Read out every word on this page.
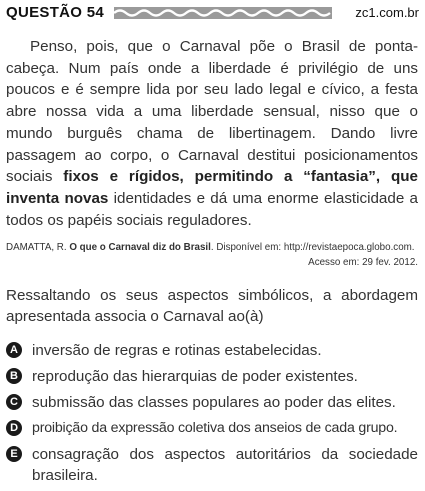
QUESTÃO 54	zc1.com.br
Penso, pois, que o Carnaval põe o Brasil de ponta-cabeça. Num país onde a liberdade é privilégio de uns poucos e é sempre lida por seu lado legal e cívico, a festa abre nossa vida a uma liberdade sensual, nisso que o mundo burguês chama de libertinagem. Dando livre passagem ao corpo, o Carnaval destitui posicionamentos sociais fixos e rígidos, permitindo a “fantasia”, que inventa novas identidades e dá uma enorme elasticidade a todos os papéis sociais reguladores.
DAMATTA, R. O que o Carnaval diz do Brasil. Disponível em: http://revistaepoca.globo.com.
Acesso em: 29 fev. 2012.
Ressaltando os seus aspectos simbólicos, a abordagem apresentada associa o Carnaval ao(à)
A inversão de regras e rotinas estabelecidas.
B reprodução das hierarquias de poder existentes.
C submissão das classes populares ao poder das elites.
D proibição da expressão coletiva dos anseios de cada grupo.
E consagração dos aspectos autoritários da sociedade brasileira.
